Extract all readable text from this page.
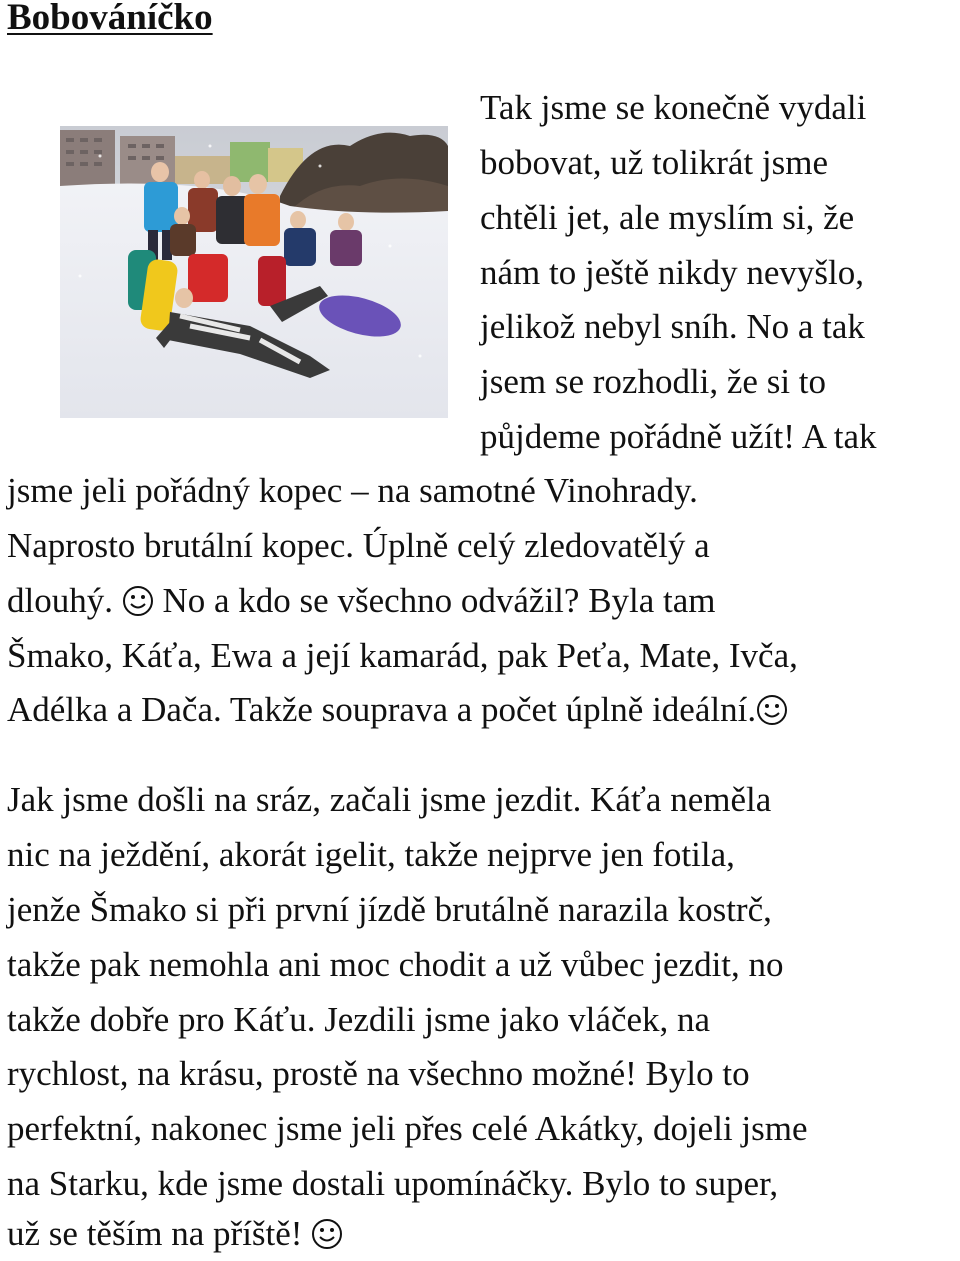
Bobováníčko
Tak jsme se konečně vydali
bobovat, už tolikrát jsme
chtěli jet, ale myslím si, že
nám to ještě nikdy nevyšlo,
jelikož nebyl sníh. No a tak
jsem se rozhodli, že si to
půjdeme pořádně užít! A tak
jsme jeli pořádný kopec – na samotné Vinohrady.
Naprosto brutální kopec. Úplně celý zledovatělý a
dlouhý.  No a kdo se všechno odvážil? Byla tam
Šmako, Káťa, Ewa a její kamarád, pak Peťa, Mate, Ivča,
Adélka a Dača. Takže souprava a počet úplně ideální.
Jak jsme došli na sráz, začali jsme jezdit. Káťa neměla
nic na ježdění, akorát igelit, takže nejprve jen fotila,
jenže Šmako si při první jízdě brutálně narazila kostrč,
takže pak nemohla ani moc chodit a už vůbec jezdit, no
takže dobře pro Káťu. Jezdili jsme jako vláček, na
rychlost, na krásu, prostě na všechno možné! Bylo to
perfektní, nakonec jsme jeli přes celé Akátky, dojeli jsme
na Starku, kde jsme dostali upomínáčky. Bylo to super,
už se těším na příště!
